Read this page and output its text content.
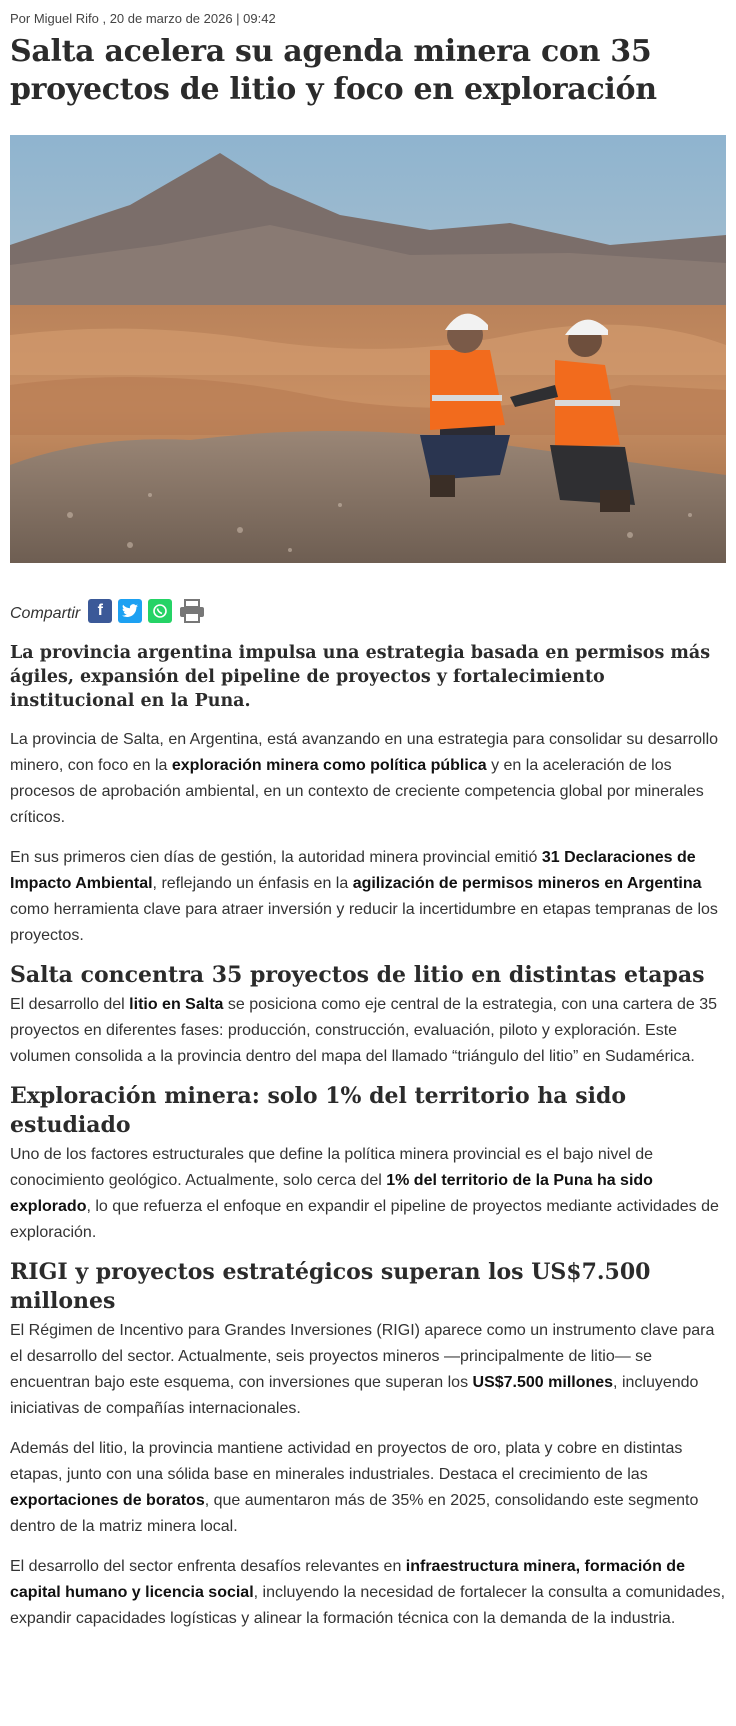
Por Miguel Rifo , 20 de marzo de 2026 | 09:42
Salta acelera su agenda minera con 35 proyectos de litio y foco en exploración
Compartir	f
La provincia argentina impulsa una estrategia basada en permisos más ágiles, expansión del pipeline de proyectos y fortalecimiento institucional en la Puna.

La provincia de Salta, en Argentina, está avanzando en una estrategia para consolidar su desarrollo minero, con foco en la exploración minera como política pública y en la aceleración de los procesos de aprobación ambiental, en un contexto de creciente competencia global por minerales críticos.

En sus primeros cien días de gestión, la autoridad minera provincial emitió 31 Declaraciones de Impacto Ambiental, reflejando un énfasis en la agilización de permisos mineros en Argentina como herramienta clave para atraer inversión y reducir la incertidumbre en etapas tempranas de los proyectos.

Salta concentra 35 proyectos de litio en distintas etapas

El desarrollo del litio en Salta se posiciona como eje central de la estrategia, con una cartera de 35 proyectos en diferentes fases: producción, construcción, evaluación, piloto y exploración. Este volumen consolida a la provincia dentro del mapa del llamado “triángulo del litio” en Sudamérica.

Exploración minera: solo 1% del territorio ha sido estudiado

Uno de los factores estructurales que define la política minera provincial es el bajo nivel de conocimiento geológico. Actualmente, solo cerca del 1% del territorio de la Puna ha sido explorado, lo que refuerza el enfoque en expandir el pipeline de proyectos mediante actividades de exploración.

RIGI y proyectos estratégicos superan los US$7.500 millones

El Régimen de Incentivo para Grandes Inversiones (RIGI) aparece como un instrumento clave para el desarrollo del sector. Actualmente, seis proyectos mineros —principalmente de litio— se encuentran bajo este esquema, con inversiones que superan los US$7.500 millones, incluyendo iniciativas de compañías internacionales.

Además del litio, la provincia mantiene actividad en proyectos de oro, plata y cobre en distintas etapas, junto con una sólida base en minerales industriales. Destaca el crecimiento de las exportaciones de boratos, que aumentaron más de 35% en 2025, consolidando este segmento dentro de la matriz minera local.

El desarrollo del sector enfrenta desafíos relevantes en infraestructura minera, formación de capital humano y licencia social, incluyendo la necesidad de fortalecer la consulta a comunidades, expandir capacidades logísticas y alinear la formación técnica con la demanda de la industria.
